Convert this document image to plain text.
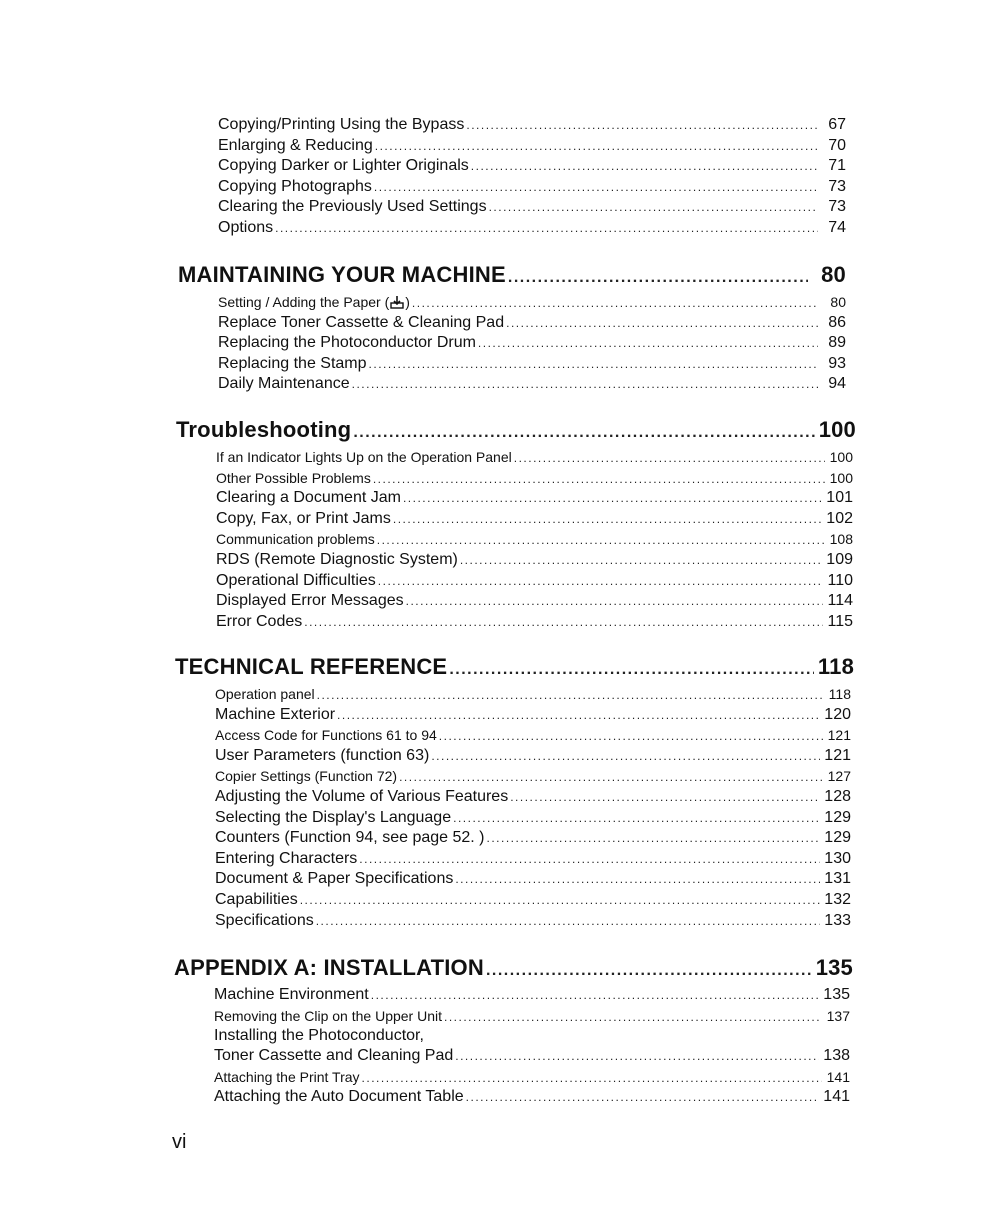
Copying/Printing Using the Bypass .....	67
Enlarging & Reducing .....	70
Copying Darker or Lighter Originals .....	71
Copying Photographs .....	73
Clearing the Previously Used Settings .....	73
Options .....	74
MAINTAINING YOUR MACHINE .....	80
Setting / Adding the Paper ( ) .....	80
Replace Toner Cassette & Cleaning Pad .....	86
Replacing the Photoconductor Drum .....	89
Replacing the Stamp .....	93
Daily Maintenance .....	94
Troubleshooting .....	100
If an Indicator Lights Up on the Operation Panel .....	100
Other Possible Problems .....	100
Clearing a Document Jam .....	101
Copy, Fax, or Print Jams .....	102
Communication problems .....	108
RDS (Remote Diagnostic System) .....	109
Operational Difficulties .....	110
Displayed Error Messages .....	114
Error Codes .....	115
TECHNICAL REFERENCE .....	118
Operation panel .....	118
Machine Exterior .....	120
Access Code for Functions 61 to 94 .....	121
User Parameters (function 63) .....	121
Copier Settings (Function 72) .....	127
Adjusting the Volume of Various Features .....	128
Selecting the Display's Language .....	129
Counters (Function 94, see page 52. ) .....	129
Entering Characters .....	130
Document & Paper Specifications .....	131
Capabilities .....	132
Specifications .....	133
APPENDIX A: INSTALLATION .....	135
Machine Environment .....	135
Removing the Clip on the Upper Unit .....	137
Installing the Photoconductor,
Toner Cassette and Cleaning Pad .....	138
Attaching the Print Tray .....	141
Attaching the Auto Document Table .....	141
vi
